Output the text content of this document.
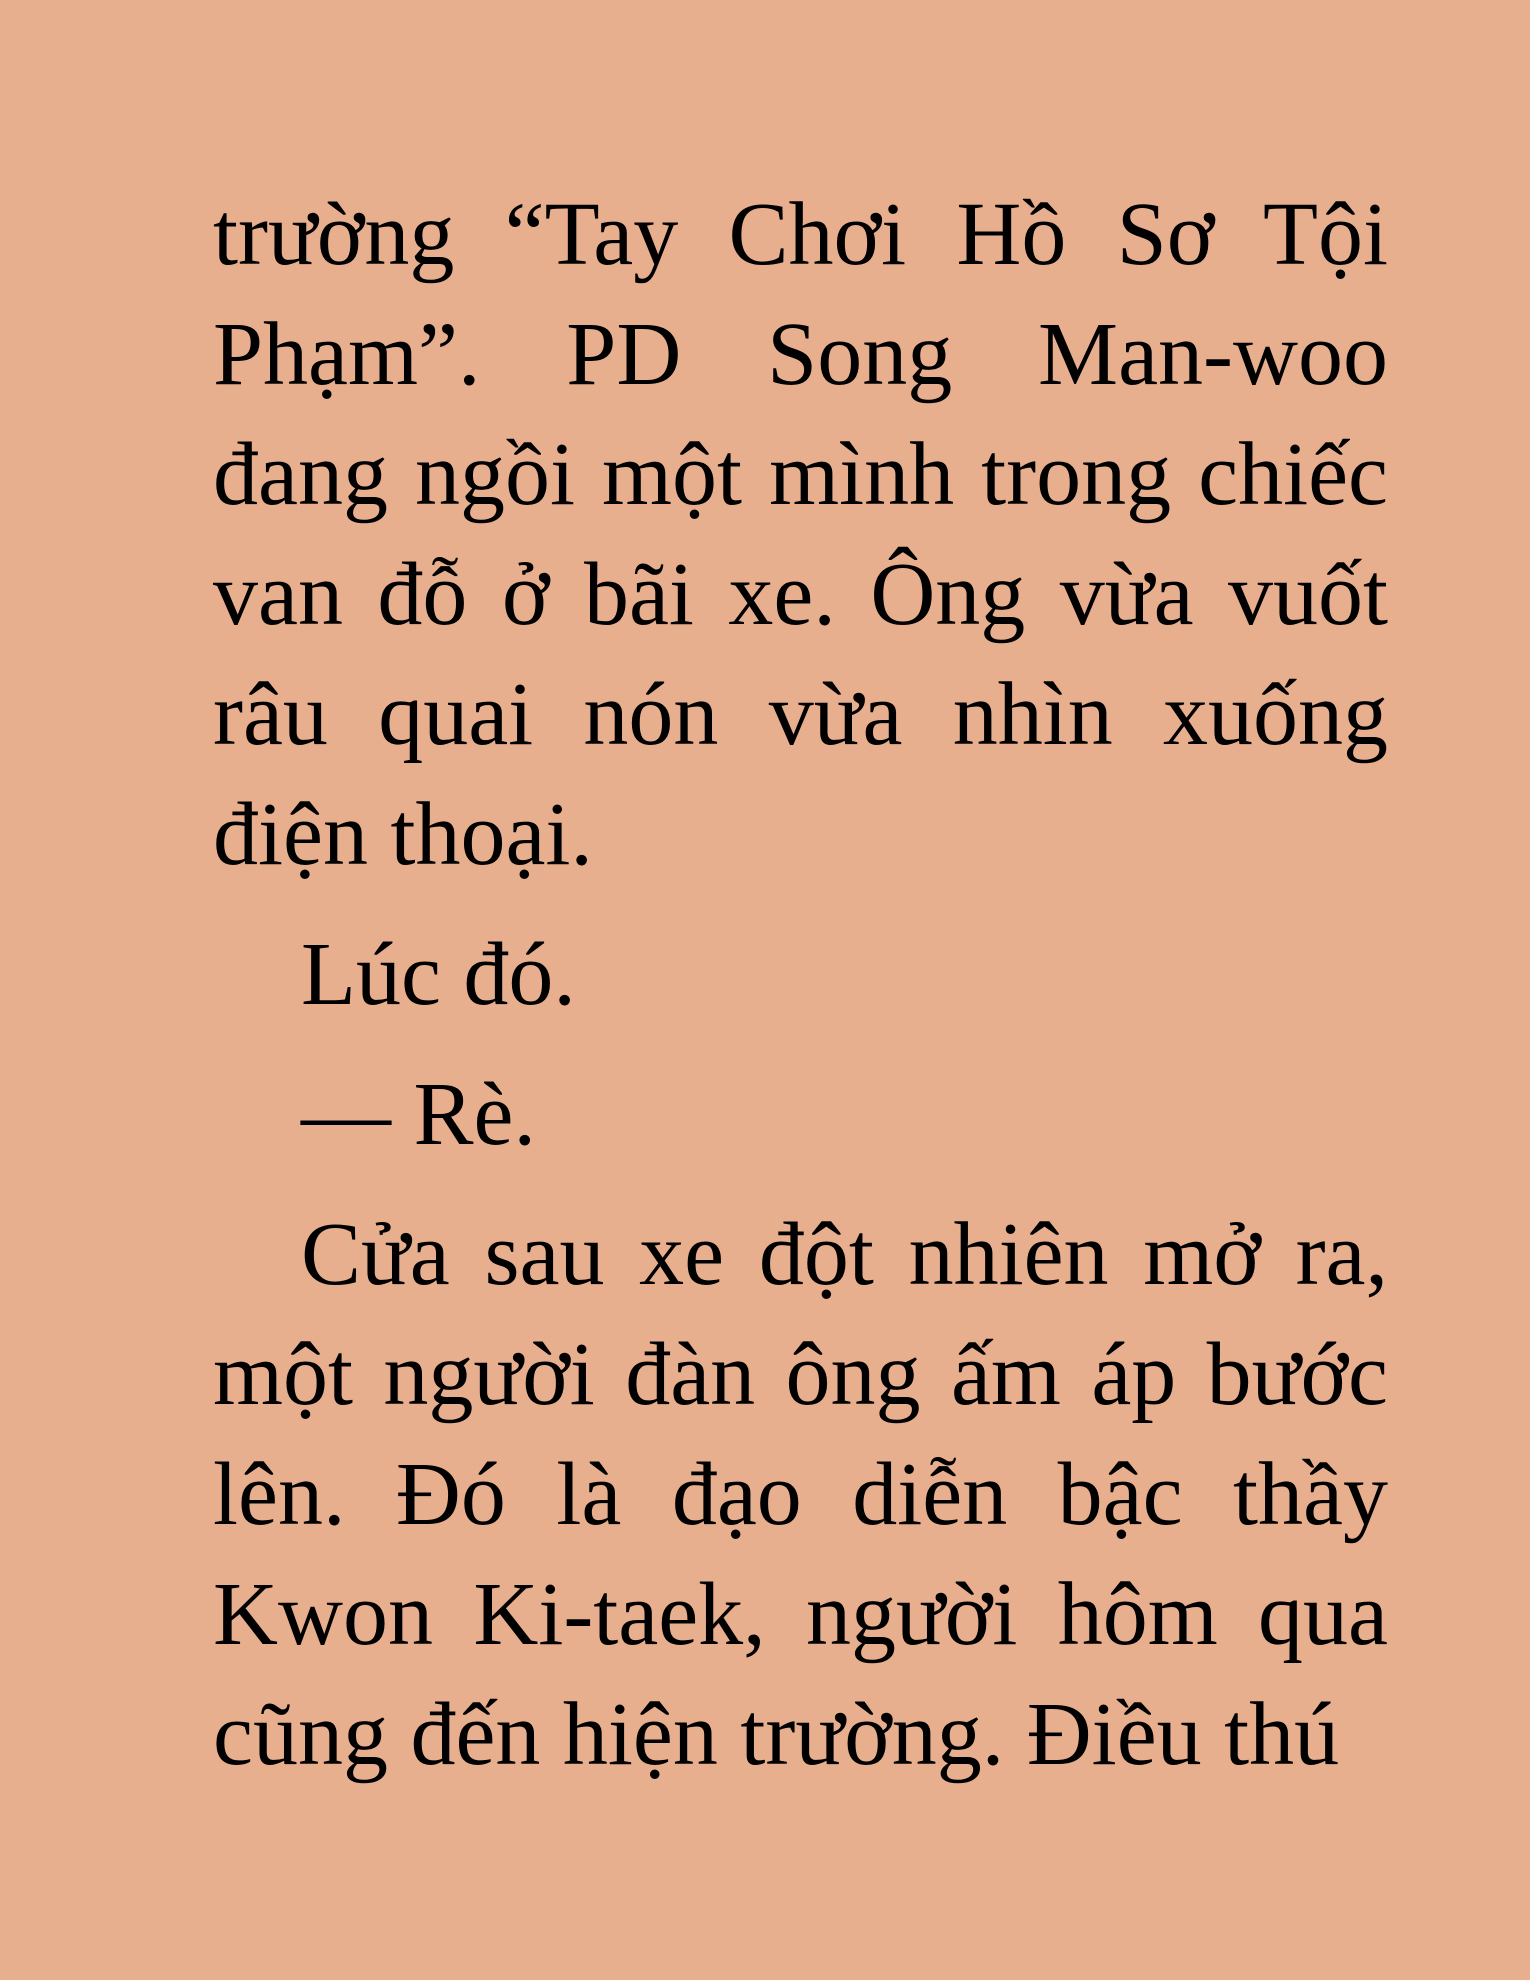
trường “Tay Chơi Hồ Sơ Tội Phạm”. PD Song Man-woo đang ngồi một mình trong chiếc van đỗ ở bãi xe. Ông vừa vuốt râu quai nón vừa nhìn xuống điện thoại.

Lúc đó.

— Rè.

Cửa sau xe đột nhiên mở ra, một người đàn ông ấm áp bước lên. Đó là đạo diễn bậc thầy Kwon Ki-taek, người hôm qua cũng đến hiện trường. Điều thú
